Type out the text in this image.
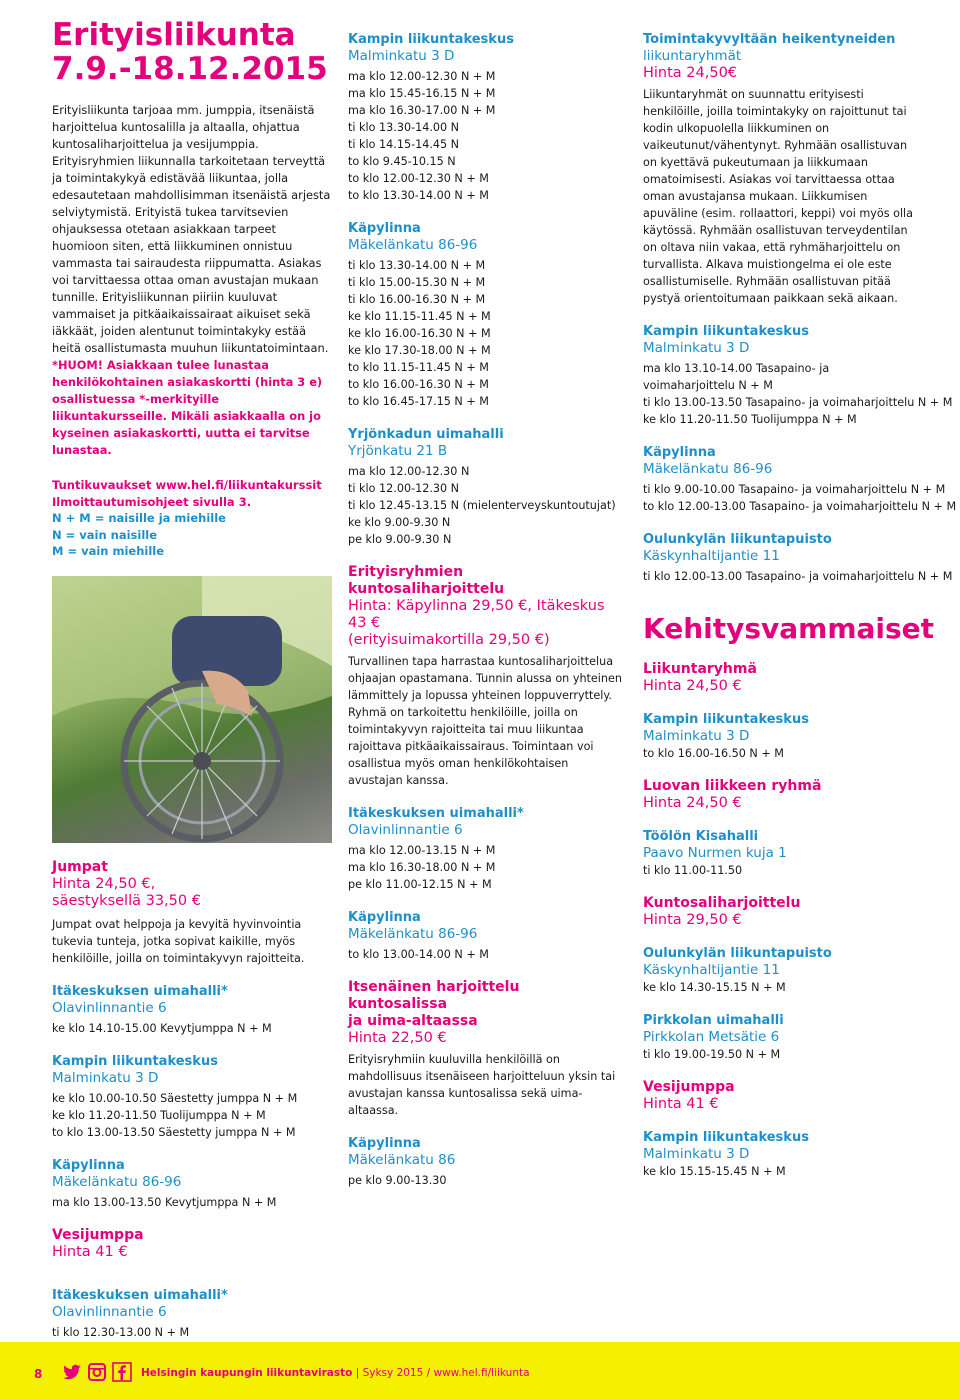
Erityisliikunta
7.9.-18.12.2015

Erityisliikunta tarjoaa mm. jumppia, itsenäistä harjoittelua kuntosalilla ja altaalla, ohjattua kuntosaliharjoittelua ja vesijumppia. Erityisryhmien liikunnalla tarkoitetaan terveyttä ja toimintakykyä edistävää liikuntaa, jolla edesautetaan mahdollisimman itsenäistä arjesta selviytymistä. Erityistä tukea tarvitsevien ohjauksessa otetaan asiakkaan tarpeet huomioon siten, että liikkuminen onnistuu vammasta tai sairaudesta riippumatta. Asiakas voi tarvittaessa ottaa oman avustajan mukaan tunnille. Erityisliikunnan piiriin kuuluvat vammaiset ja pitkäaikaissairaat aikuiset sekä iäkkäät, joiden alentunut toimintakyky estää heitä osallistumasta muuhun liikuntatoimintaan.

*HUOM! Asiakkaan tulee lunastaa henkilökohtainen asiakaskortti (hinta 3 e) osallistuessa *-merkityille liikuntakursseille. Mikäli asiakkaalla on jo kyseinen asiakaskortti, uutta ei tarvitse lunastaa.

Tuntikuvaukset www.hel.fi/liikuntakurssit
Ilmoittautumisohjeet sivulla 3.
N + M = naisille ja miehille
N = vain naisille
M = vain miehille
Jumpat
Hinta 24,50 €,
säestyksellä 33,50 €
Jumpat ovat helppoja ja kevyitä hyvinvointia tukevia tunteja, jotka sopivat kaikille, myös henkilöille, joilla on toimintakyvyn rajoitteita.
Itäkeskuksen uimahalli*
Olavinlinnantie 6
ke klo 14.10-15.00 Kevytjumppa N + M
Kampin liikuntakeskus
Malminkatu 3 D
ke klo 10.00-10.50 Säestetty jumppa N + M
ke klo 11.20-11.50 Tuolijumppa N + M
to klo 13.00-13.50 Säestetty jumppa N + M
Käpylinna
Mäkelänkatu 86-96
ma klo 13.00-13.50 Kevytjumppa N + M
Vesijumppa
Hinta 41 €
Itäkeskuksen uimahalli*
Olavinlinnantie 6
ti klo 12.30-13.00 N + M
Kampin liikuntakeskus
Malminkatu 3 D
ma klo 12.00-12.30 N + M
ma klo 15.45-16.15 N + M
ma klo 16.30-17.00 N + M
ti klo 13.30-14.00 N
ti klo 14.15-14.45 N
to klo 9.45-10.15 N
to klo 12.00-12.30 N + M
to klo 13.30-14.00 N + M
Käpylinna
Mäkelänkatu 86-96
ti klo 13.30-14.00 N + M
ti klo 15.00-15.30 N + M
ti klo 16.00-16.30 N + M
ke klo 11.15-11.45 N + M
ke klo 16.00-16.30 N + M
ke klo 17.30-18.00 N + M
to klo 11.15-11.45 N + M
to klo 16.00-16.30 N + M
to klo 16.45-17.15 N + M
Yrjönkadun uimahalli
Yrjönkatu 21 B
ma klo 12.00-12.30 N
ti klo 12.00-12.30 N
ti klo 12.45-13.15 N (mielenterveyskuntoutujat)
ke klo 9.00-9.30 N
pe klo 9.00-9.30 N
Erityisryhmien kuntosaliharjoittelu
Hinta: Käpylinna 29,50 €, Itäkeskus 43 €
(erityisuimakortilla 29,50 €)
Turvallinen tapa harrastaa kuntosaliharjoittelua ohjaajan opastamana. Tunnin alussa on yhteinen lämmittely ja lopussa yhteinen loppuverryttely. Ryhmä on tarkoitettu henkilöille, joilla on toimintakyvyn rajoitteita tai muu liikuntaa rajoittava pitkäaikaissairaus. Toimintaan voi osallistua myös oman henkilökohtaisen avustajan kanssa.
Itäkeskuksen uimahalli*
Olavinlinnantie 6
ma klo 12.00-13.15 N + M
ma klo 16.30-18.00 N + M
pe klo 11.00-12.15 N + M
Käpylinna
Mäkelänkatu 86-96
to klo 13.00-14.00 N + M
Itsenäinen harjoittelu kuntosalissa
ja uima-altaassa
Hinta 22,50 €
Erityisryhmiin kuuluvilla henkilöillä on mahdollisuus itsenäiseen harjoitteluun yksin tai avustajan kanssa kuntosalissa sekä uima-altaassa.
Käpylinna
Mäkelänkatu 86
pe klo 9.00-13.30
Toimintakyvyltään heikentyneiden
liikuntaryhmät
Hinta 24,50€
Liikuntaryhmät on suunnattu erityisesti henkilöille, joilla toimintakyky on rajoittunut tai kodin ulkopuolella liikkuminen on vaikeutunut/vähentynyt. Ryhmään osallistuvan on kyettävä pukeutumaan ja liikkumaan omatoimisesti. Asiakas voi tarvittaessa ottaa oman avustajansa mukaan. Liikkumisen apuväline (esim. rollaattori, keppi) voi myös olla käytössä. Ryhmään osallistuvan terveydentilan on oltava niin vakaa, että ryhmäharjoittelu on turvallista. Alkava muistiongelma ei ole este osallistumiselle. Ryhmään osallistuvan pitää pystyä orientoitumaan paikkaan sekä aikaan.
Kampin liikuntakeskus
Malminkatu 3 D
ma klo 13.10-14.00 Tasapaino- ja voimaharjoittelu N + M
ti klo 13.00-13.50 Tasapaino- ja voimaharjoittelu N + M
ke klo 11.20-11.50 Tuolijumppa N + M
Käpylinna
Mäkelänkatu 86-96
ti klo 9.00-10.00 Tasapaino- ja voimaharjoittelu N + M
to klo 12.00-13.00 Tasapaino- ja voimaharjoittelu N + M
Oulunkylän liikuntapuisto
Käskynhaltijantie 11
ti klo 12.00-13.00 Tasapaino- ja voimaharjoittelu N + M
Kehitysvammaiset
Liikuntaryhmä
Hinta 24,50 €
Kampin liikuntakeskus
Malminkatu 3 D
to klo 16.00-16.50 N + M
Luovan liikkeen ryhmä
Hinta 24,50 €
Töölön Kisahalli
Paavo Nurmen kuja 1
ti klo 11.00-11.50
Kuntosaliharjoittelu
Hinta 29,50 €
Oulunkylän liikuntapuisto
Käskynhaltijantie 11
ke klo 14.30-15.15 N + M
Pirkkolan uimahalli
Pirkkolan Metsätie 6
ti klo 19.00-19.50 N + M
Vesijumppa
Hinta 41 €
Kampin liikuntakeskus
Malminkatu 3 D
ke klo 15.15-15.45 N + M
8	Helsingin kaupungin liikuntavirasto | Syksy 2015 / www.hel.fi/liikunta
